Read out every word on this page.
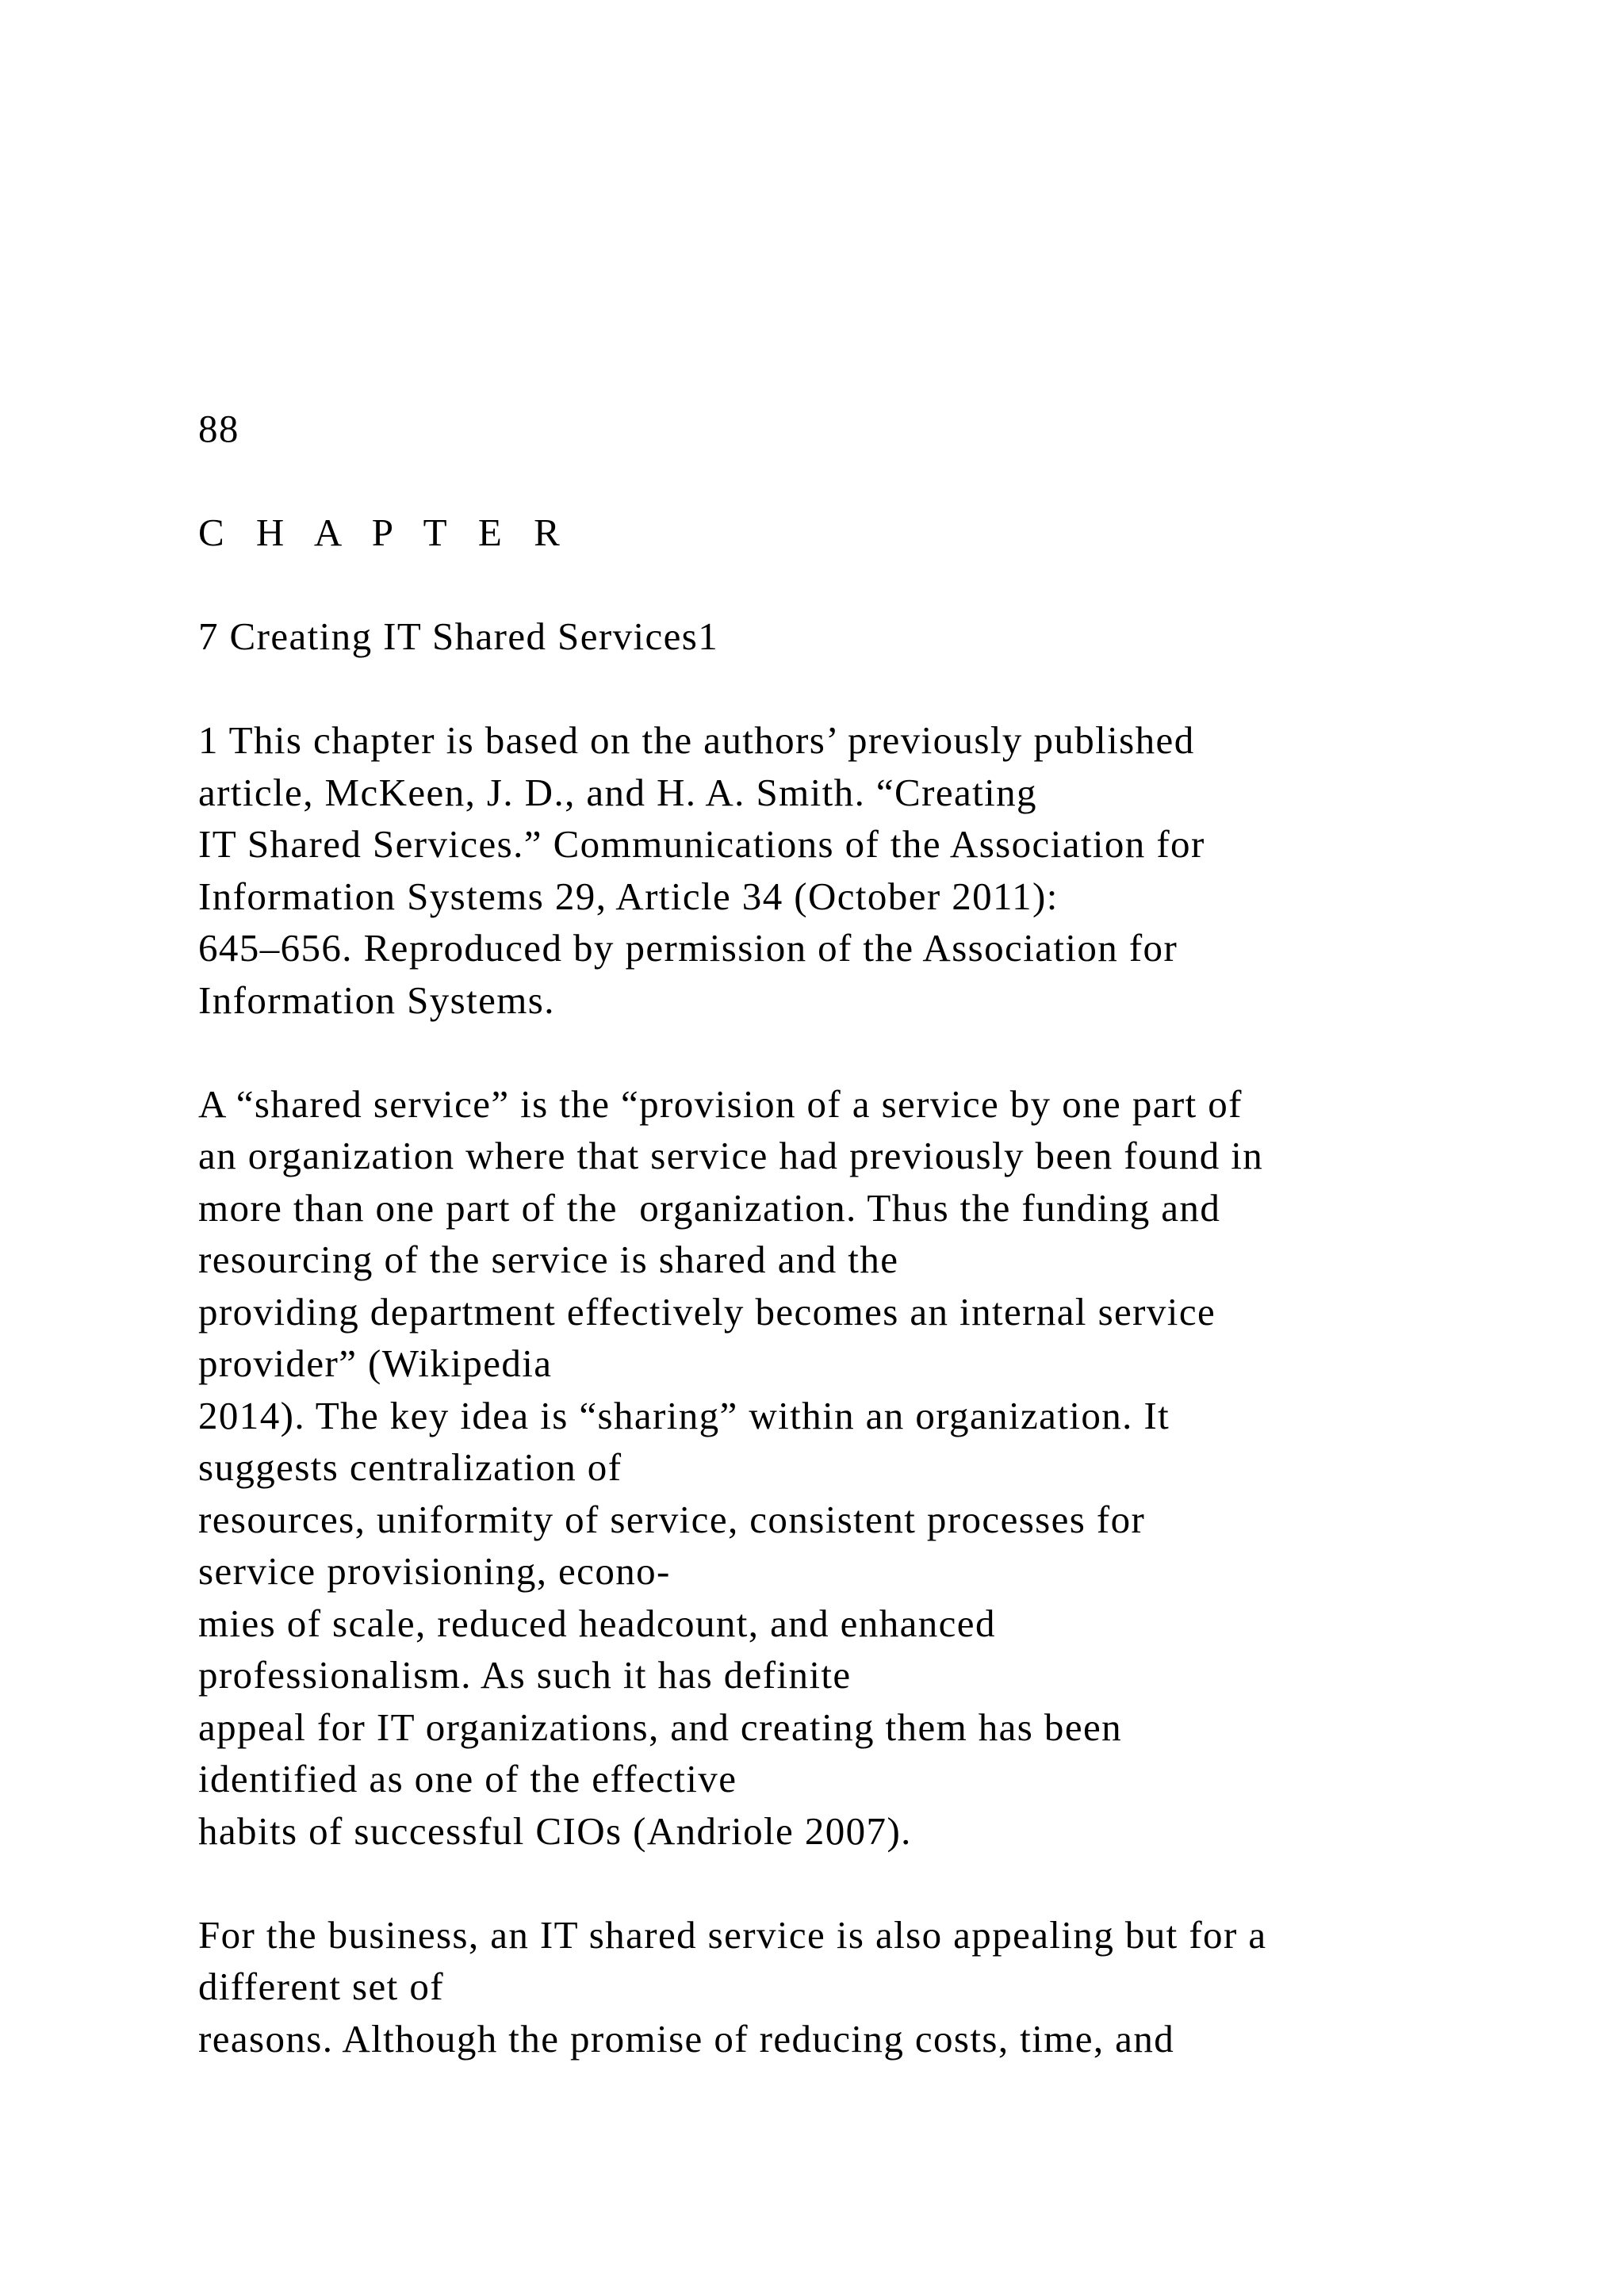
88
C H A P T E R
7 Creating IT Shared Services1
1 This chapter is based on the authors’ previously published
article, McKeen, J. D., and H. A. Smith. “Creating
IT Shared Services.” Communications of the Association for
Information Systems 29, Article 34 (October 2011):
645–656. Reproduced by permission of the Association for
Information Systems.
A “shared service” is the “provision of a service by one part of
an organization where that service had previously been found in
more than one part of the  organization. Thus the funding and
resourcing of the service is shared and the
providing department effectively becomes an internal service
provider” (Wikipedia
2014). The key idea is “sharing” within an organization. It
suggests centralization of
resources, uniformity of service, consistent processes for
service provisioning, econo-
mies of scale, reduced headcount, and enhanced
professionalism. As such it has definite
appeal for IT organizations, and creating them has been
identified as one of the effective
habits of successful CIOs (Andriole 2007).
For the business, an IT shared service is also appealing but for a
different set of
reasons. Although the promise of reducing costs, time, and
